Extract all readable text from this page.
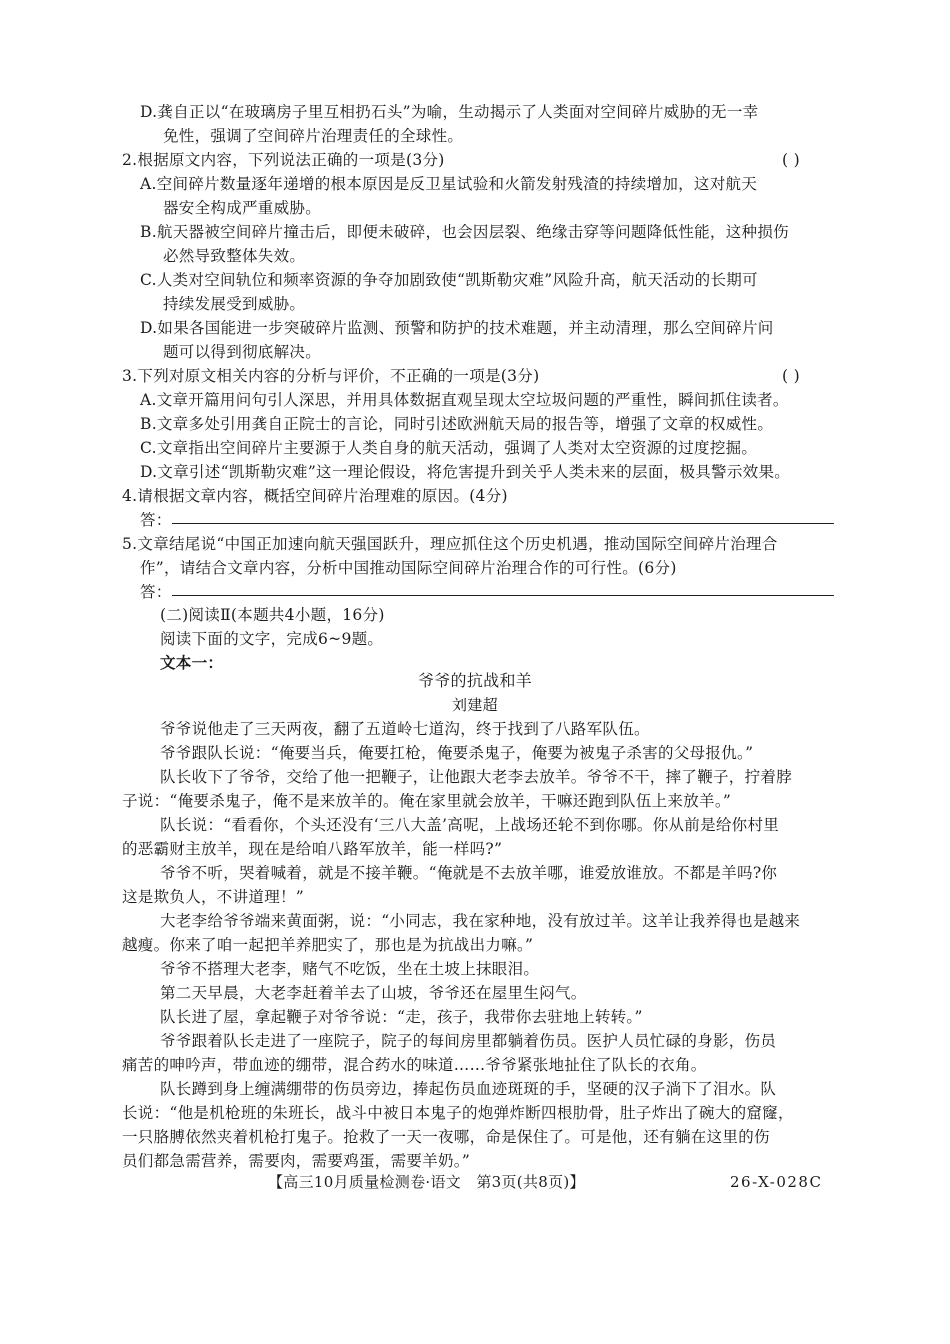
D.龚自正以“在玻璃房子里互相扔石头”为喻，生动揭示了人类面对空间碎片威胁的无一幸
免性，强调了空间碎片治理责任的全球性。
2.根据原文内容，下列说法正确的一项是(3分)	( )
A.空间碎片数量逐年递增的根本原因是反卫星试验和火箭发射残渣的持续增加，这对航天
器安全构成严重威胁。
B.航天器被空间碎片撞击后，即便未破碎，也会因层裂、绝缘击穿等问题降低性能，这种损伤
必然导致整体失效。
C.人类对空间轨位和频率资源的争夺加剧致使“凯斯勒灾难”风险升高，航天活动的长期可
持续发展受到威胁。
D.如果各国能进一步突破碎片监测、预警和防护的技术难题，并主动清理，那么空间碎片问
题可以得到彻底解决。
3.下列对原文相关内容的分析与评价，不正确的一项是(3分)	( )
A.文章开篇用问句引人深思，并用具体数据直观呈现太空垃圾问题的严重性，瞬间抓住读者。
B.文章多处引用龚自正院士的言论，同时引述欧洲航天局的报告等，增强了文章的权威性。
C.文章指出空间碎片主要源于人类自身的航天活动，强调了人类对太空资源的过度挖掘。
D.文章引述“凯斯勒灾难”这一理论假设，将危害提升到关乎人类未来的层面，极具警示效果。
4.请根据文章内容，概括空间碎片治理难的原因。(4分)
答：
5.文章结尾说“中国正加速向航天强国跃升，理应抓住这个历史机遇，推动国际空间碎片治理合
作”，请结合文章内容，分析中国推动国际空间碎片治理合作的可行性。(6分)
答：
(二)阅读Ⅱ(本题共4小题，16分)
阅读下面的文字，完成6~9题。
文本一：
爷爷的抗战和羊
刘建超
爷爷说他走了三天两夜，翻了五道岭七道沟，终于找到了八路军队伍。
爷爷跟队长说：“俺要当兵，俺要扛枪，俺要杀鬼子，俺要为被鬼子杀害的父母报仇。”
队长收下了爷爷，交给了他一把鞭子，让他跟大老李去放羊。爷爷不干，摔了鞭子，拧着脖
子说：“俺要杀鬼子，俺不是来放羊的。俺在家里就会放羊，干嘛还跑到队伍上来放羊。”
队长说：“看看你，个头还没有‘三八大盖’高呢，上战场还轮不到你哪。你从前是给你村里
的恶霸财主放羊，现在是给咱八路军放羊，能一样吗?”
爷爷不听，哭着喊着，就是不接羊鞭。“俺就是不去放羊哪，谁爱放谁放。不都是羊吗?你
这是欺负人，不讲道理！”
大老李给爷爷端来黄面粥，说：“小同志，我在家种地，没有放过羊。这羊让我养得也是越来
越瘦。你来了咱一起把羊养肥实了，那也是为抗战出力嘛。”
爷爷不搭理大老李，赌气不吃饭，坐在土坡上抹眼泪。
第二天早晨，大老李赶着羊去了山坡，爷爷还在屋里生闷气。
队长进了屋，拿起鞭子对爷爷说：“走，孩子，我带你去驻地上转转。”
爷爷跟着队长走进了一座院子，院子的每间房里都躺着伤员。医护人员忙碌的身影，伤员
痛苦的呻吟声，带血迹的绷带，混合药水的味道……爷爷紧张地扯住了队长的衣角。
队长蹲到身上缠满绷带的伤员旁边，捧起伤员血迹斑斑的手，坚硬的汉子淌下了泪水。队
长说：“他是机枪班的朱班长，战斗中被日本鬼子的炮弹炸断四根肋骨，肚子炸出了碗大的窟窿，
一只胳膊依然夹着机枪打鬼子。抢救了一天一夜哪，命是保住了。可是他，还有躺在这里的伤
员们都急需营养，需要肉，需要鸡蛋，需要羊奶。”
【高三10月质量检测卷·语文　第3页(共8页)】	26-X-028C
